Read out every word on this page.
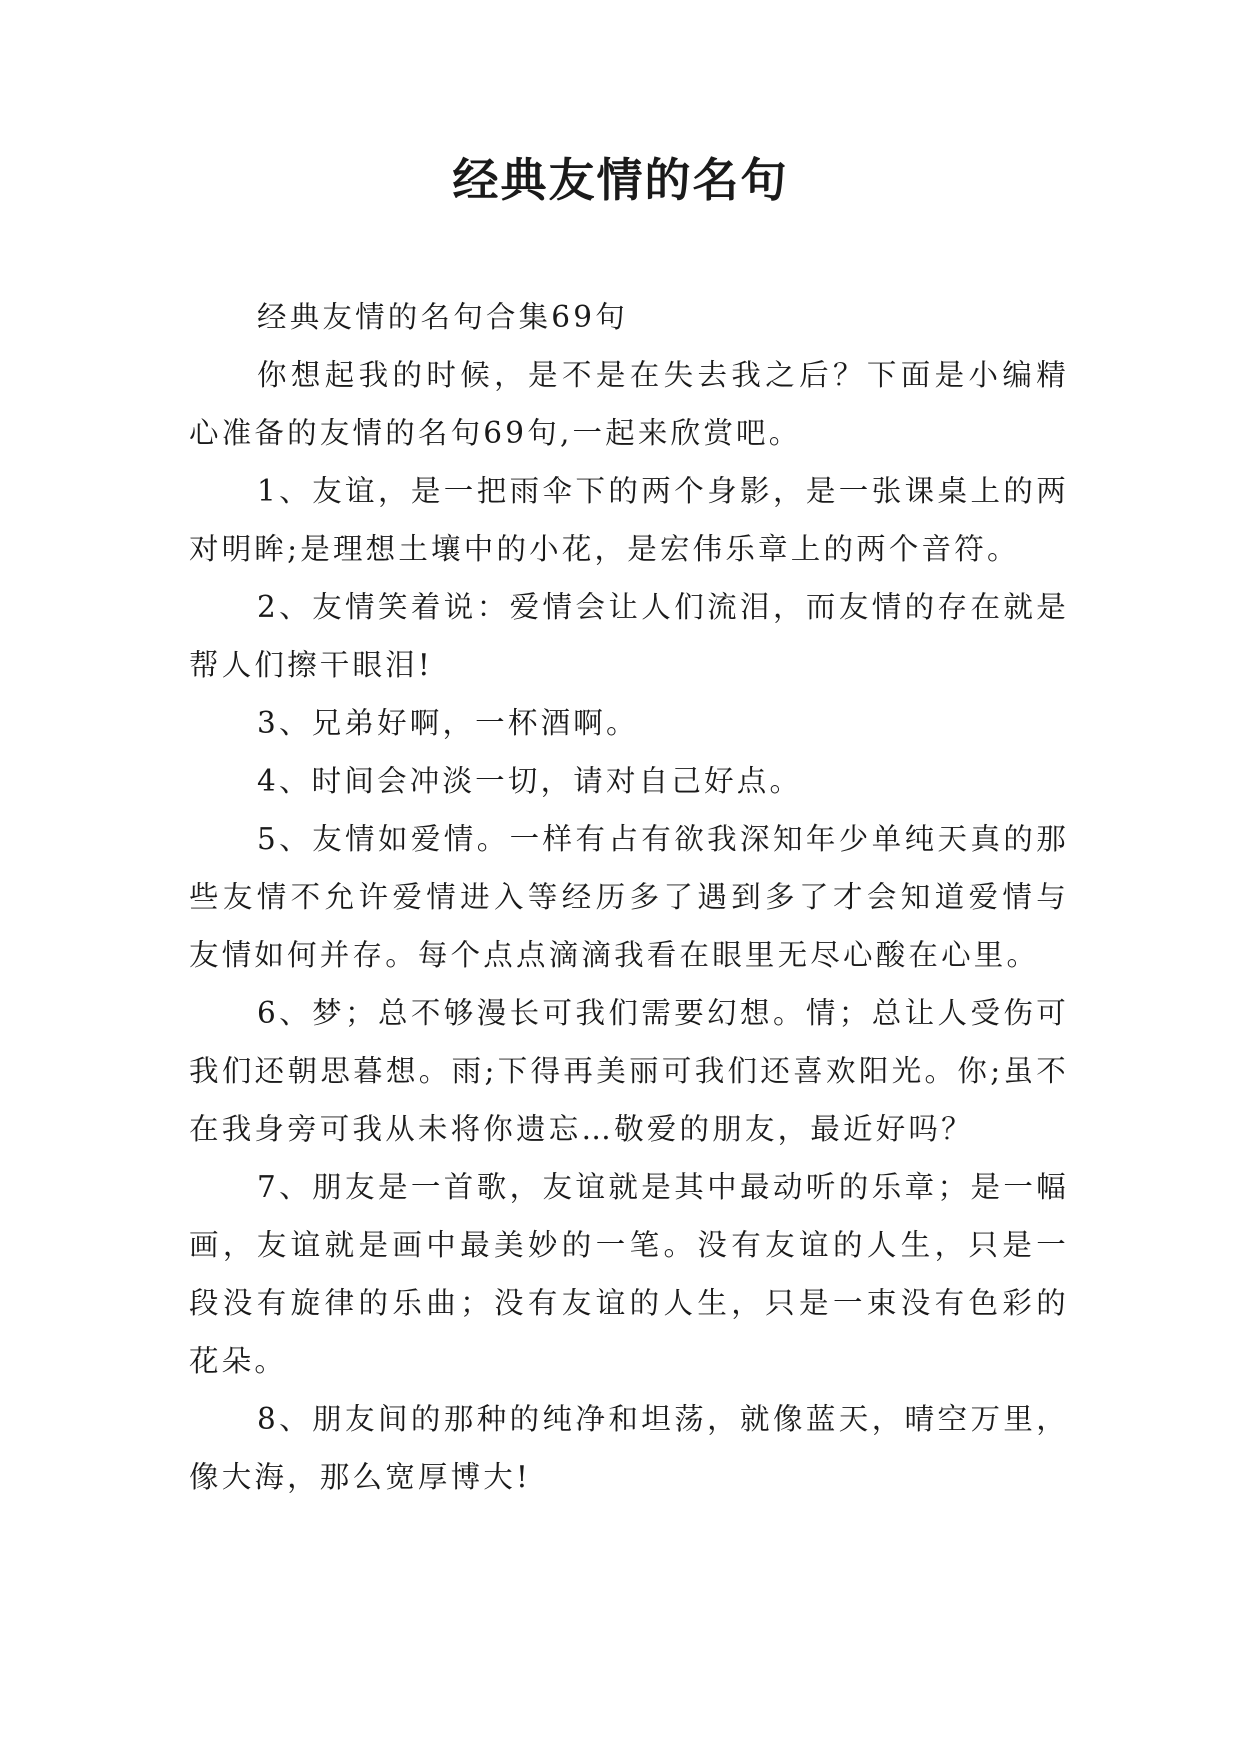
经典友情的名句

经典友情的名句合集69句

你想起我的时候，是不是在失去我之后？下面是小编精心准备的友情的名句69句,一起来欣赏吧。

1、友谊，是一把雨伞下的两个身影，是一张课桌上的两对明眸;是理想土壤中的小花，是宏伟乐章上的两个音符。

2、友情笑着说：爱情会让人们流泪，而友情的存在就是帮人们擦干眼泪!

3、兄弟好啊，一杯酒啊。

4、时间会冲淡一切，请对自己好点。

5、友情如爱情。一样有占有欲我深知年少单纯天真的那些友情不允许爱情进入等经历多了遇到多了才会知道爱情与友情如何并存。每个点点滴滴我看在眼里无尽心酸在心里。

6、梦；总不够漫长可我们需要幻想。情；总让人受伤可我们还朝思暮想。雨;下得再美丽可我们还喜欢阳光。你;虽不在我身旁可我从未将你遗忘…敬爱的朋友，最近好吗？

7、朋友是一首歌，友谊就是其中最动听的乐章；是一幅画，友谊就是画中最美妙的一笔。没有友谊的人生，只是一段没有旋律的乐曲；没有友谊的人生，只是一束没有色彩的花朵。

8、朋友间的那种的纯净和坦荡，就像蓝天，晴空万里，像大海，那么宽厚博大!
